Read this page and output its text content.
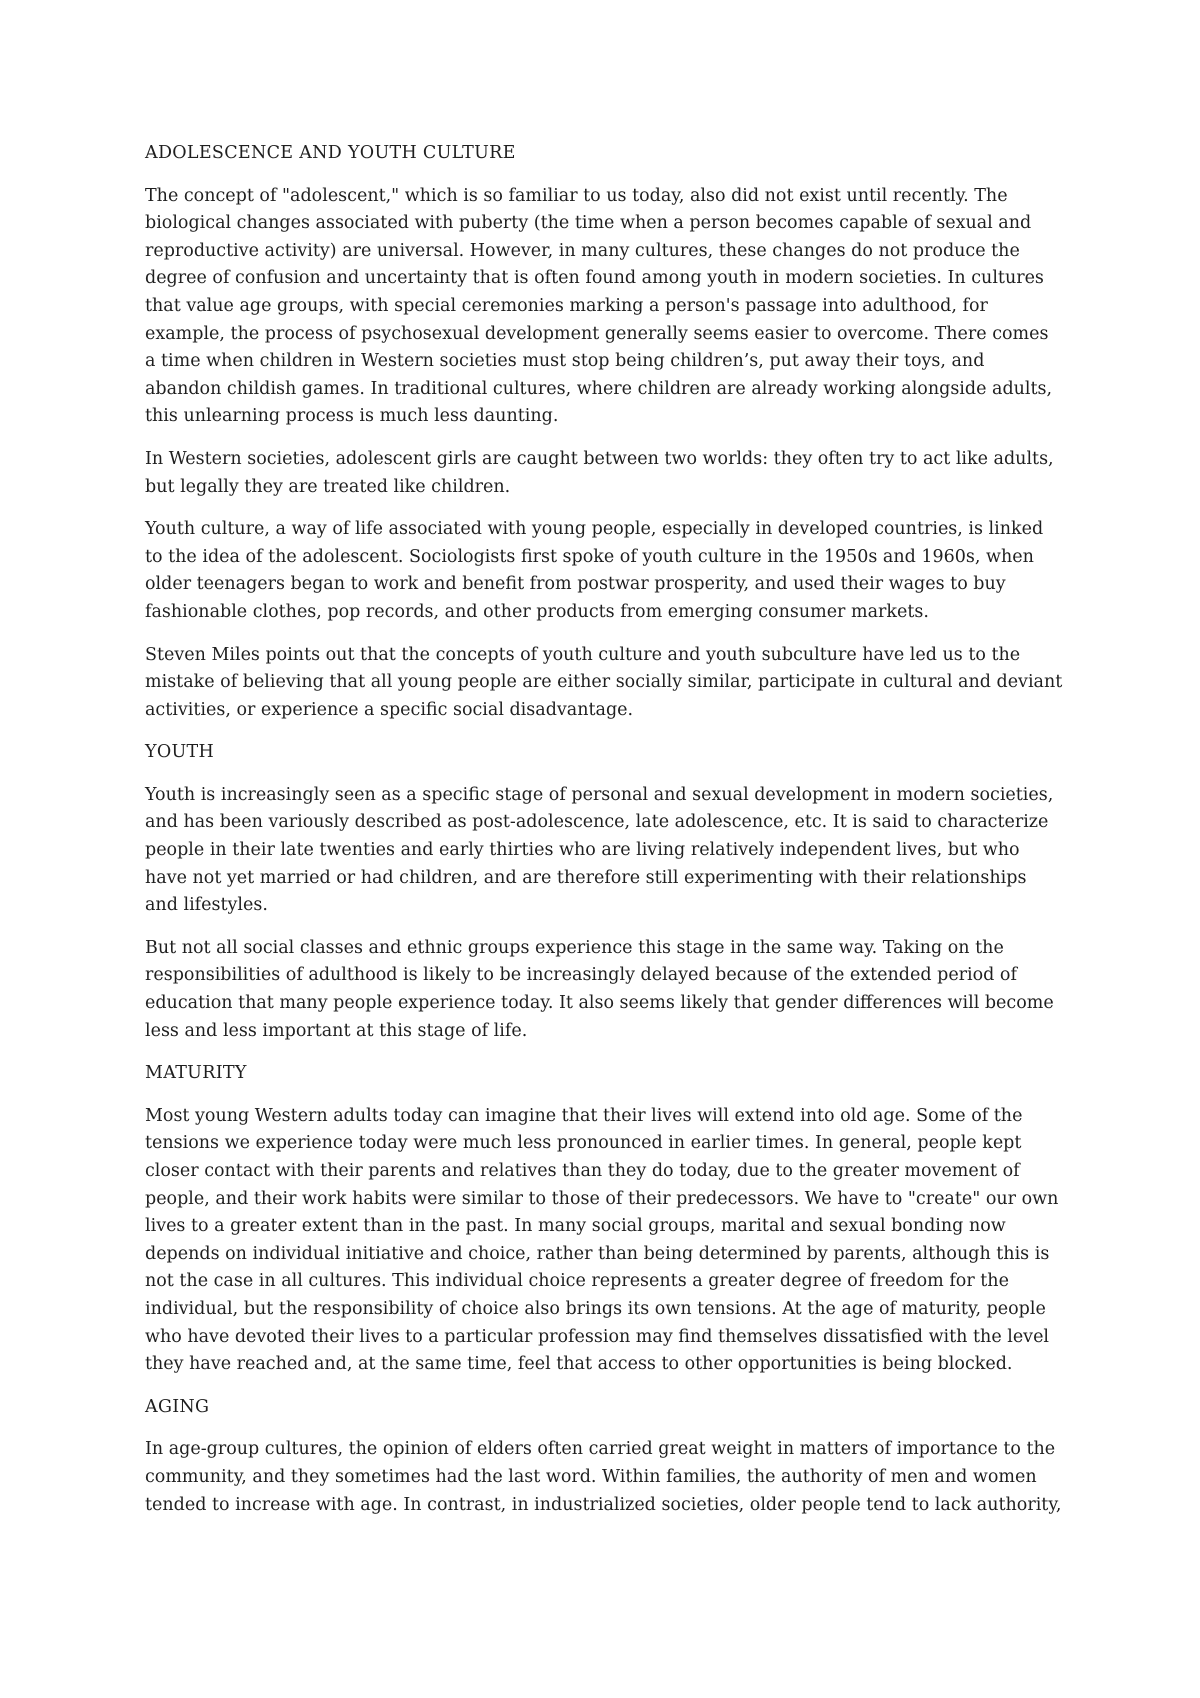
ADOLESCENCE AND YOUTH CULTURE
The concept of "adolescent," which is so familiar to us today, also did not exist until recently. The biological changes associated with puberty (the time when a person becomes capable of sexual and reproductive activity) are universal. However, in many cultures, these changes do not produce the degree of confusion and uncertainty that is often found among youth in modern societies. In cultures that value age groups, with special ceremonies marking a person's passage into adulthood, for example, the process of psychosexual development generally seems easier to overcome. There comes a time when children in Western societies must stop being children’s, put away their toys, and abandon childish games. In traditional cultures, where children are already working alongside adults, this unlearning process is much less daunting.
In Western societies, adolescent girls are caught between two worlds: they often try to act like adults, but legally they are treated like children.
Youth culture, a way of life associated with young people, especially in developed countries, is linked to the idea of the adolescent. Sociologists first spoke of youth culture in the 1950s and 1960s, when older teenagers began to work and benefit from postwar prosperity, and used their wages to buy fashionable clothes, pop records, and other products from emerging consumer markets.
Steven Miles points out that the concepts of youth culture and youth subculture have led us to the mistake of believing that all young people are either socially similar, participate in cultural and deviant activities, or experience a specific social disadvantage.
YOUTH
Youth is increasingly seen as a specific stage of personal and sexual development in modern societies, and has been variously described as post-adolescence, late adolescence, etc. It is said to characterize people in their late twenties and early thirties who are living relatively independent lives, but who have not yet married or had children, and are therefore still experimenting with their relationships and lifestyles.
But not all social classes and ethnic groups experience this stage in the same way. Taking on the responsibilities of adulthood is likely to be increasingly delayed because of the extended period of education that many people experience today. It also seems likely that gender differences will become less and less important at this stage of life.
MATURITY
Most young Western adults today can imagine that their lives will extend into old age. Some of the tensions we experience today were much less pronounced in earlier times. In general, people kept closer contact with their parents and relatives than they do today, due to the greater movement of people, and their work habits were similar to those of their predecessors. We have to "create" our own lives to a greater extent than in the past. In many social groups, marital and sexual bonding now depends on individual initiative and choice, rather than being determined by parents, although this is not the case in all cultures. This individual choice represents a greater degree of freedom for the individual, but the responsibility of choice also brings its own tensions. At the age of maturity, people who have devoted their lives to a particular profession may find themselves dissatisfied with the level they have reached and, at the same time, feel that access to other opportunities is being blocked.
AGING
In age-group cultures, the opinion of elders often carried great weight in matters of importance to the community, and they sometimes had the last word. Within families, the authority of men and women tended to increase with age. In contrast, in industrialized societies, older people tend to lack authority,
